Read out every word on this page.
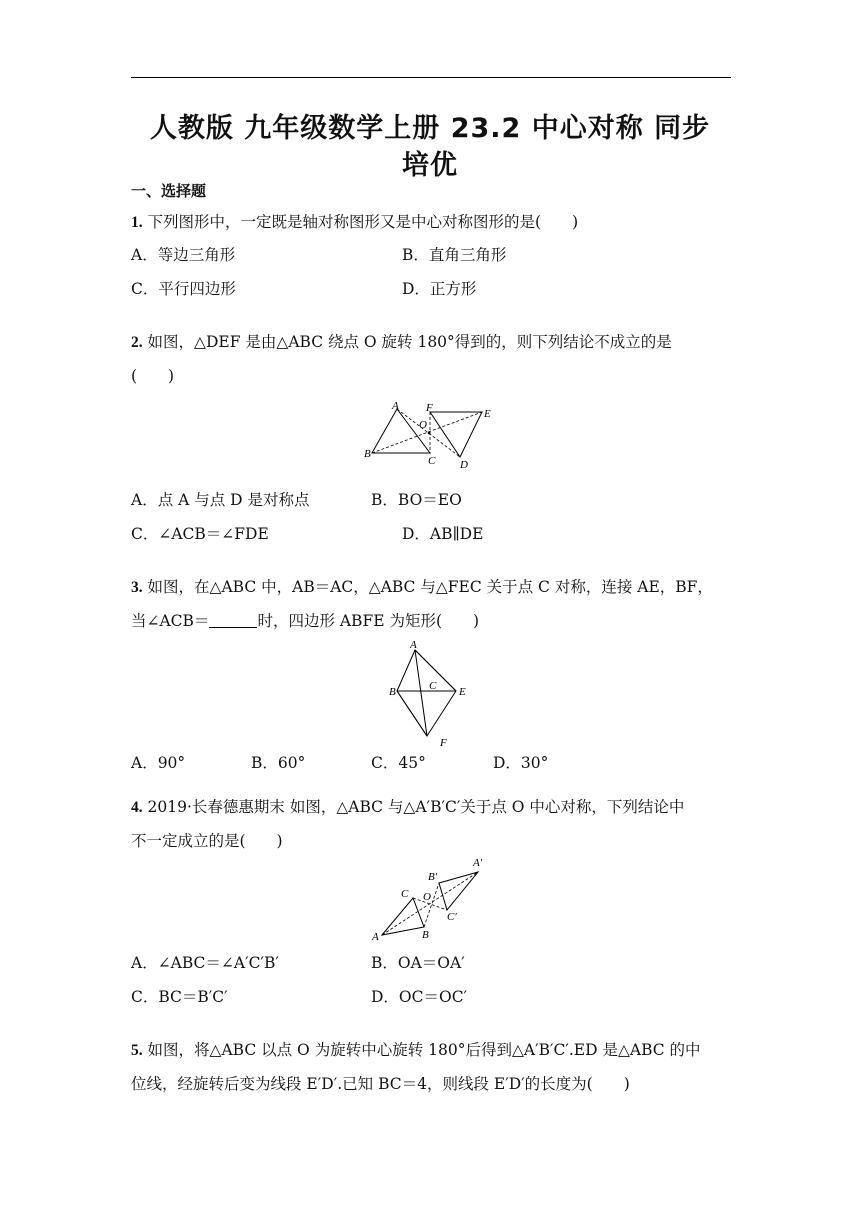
人教版 九年级数学上册 23.2 中心对称 同步
培优
一、选择题
1. 下列图形中，一定既是轴对称图形又是中心对称图形的是(　　)
A．等边三角形	B．直角三角形
C．平行四边形	D．正方形
2. 如图，△DEF 是由△ABC 绕点 O 旋转 180°得到的，则下列结论不成立的是
(　　)
A F	E
O
B
C D
A．点 A 与点 D 是对称点	B．BO＝EO
C．∠ACB＝∠FDE	D．AB∥DE
3. 如图，在△ABC 中，AB＝AC，△ABC 与△FEC 关于点 C 对称，连接 AE，BF，
当∠ACB＝	时，四边形 ABFE 为矩形(　　)
A
B	C E
F
A．90°	B．60°	C．45°	D．30°
4. 2019·长春德惠期末 如图，△ABC 与△A′B′C′关于点 O 中心对称，下列结论中
不一定成立的是(　　)
A′
B′
C O
C′
A	B
A．∠ABC＝∠A′C′B′	B．OA＝OA′
C．BC＝B′C′	D．OC＝OC′
5. 如图，将△ABC 以点 O 为旋转中心旋转 180°后得到△A′B′C′.ED 是△ABC 的中
位线，经旋转后变为线段 E′D′.已知 BC＝4，则线段 E′D′的长度为(　　)
